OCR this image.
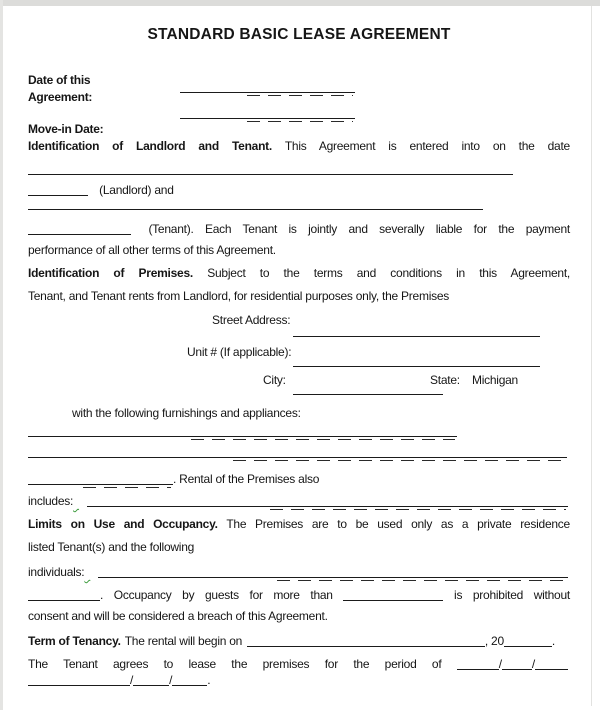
STANDARD BASIC LEASE AGREEMENT
Date of this
Agreement:
Move-in Date:
Identification of Landlord and Tenant. This Agreement is entered into on the date
(Landlord) and
(Tenant). Each Tenant is jointly and severally liable for the payment
performance of all other terms of this Agreement.
Identification of Premises. Subject to the terms and conditions in this Agreement,
Tenant, and Tenant rents from Landlord, for residential purposes only, the Premises
Street Address:
Unit # (If applicable):
City:	State: Michigan
with the following furnishings and appliances:
. Rental of the Premises also
includes:

Limits on Use and Occupancy. The Premises are to be used only as a private residence
listed Tenant(s) and the following
individuals:

. Occupancy by guests for more than	is prohibited without
consent and will be considered a breach of this Agreement.
Term of Tenancy. The rental will begin on	, 20	.
The Tenant agrees to lease the premises for the period of	/	/
/	/	.
